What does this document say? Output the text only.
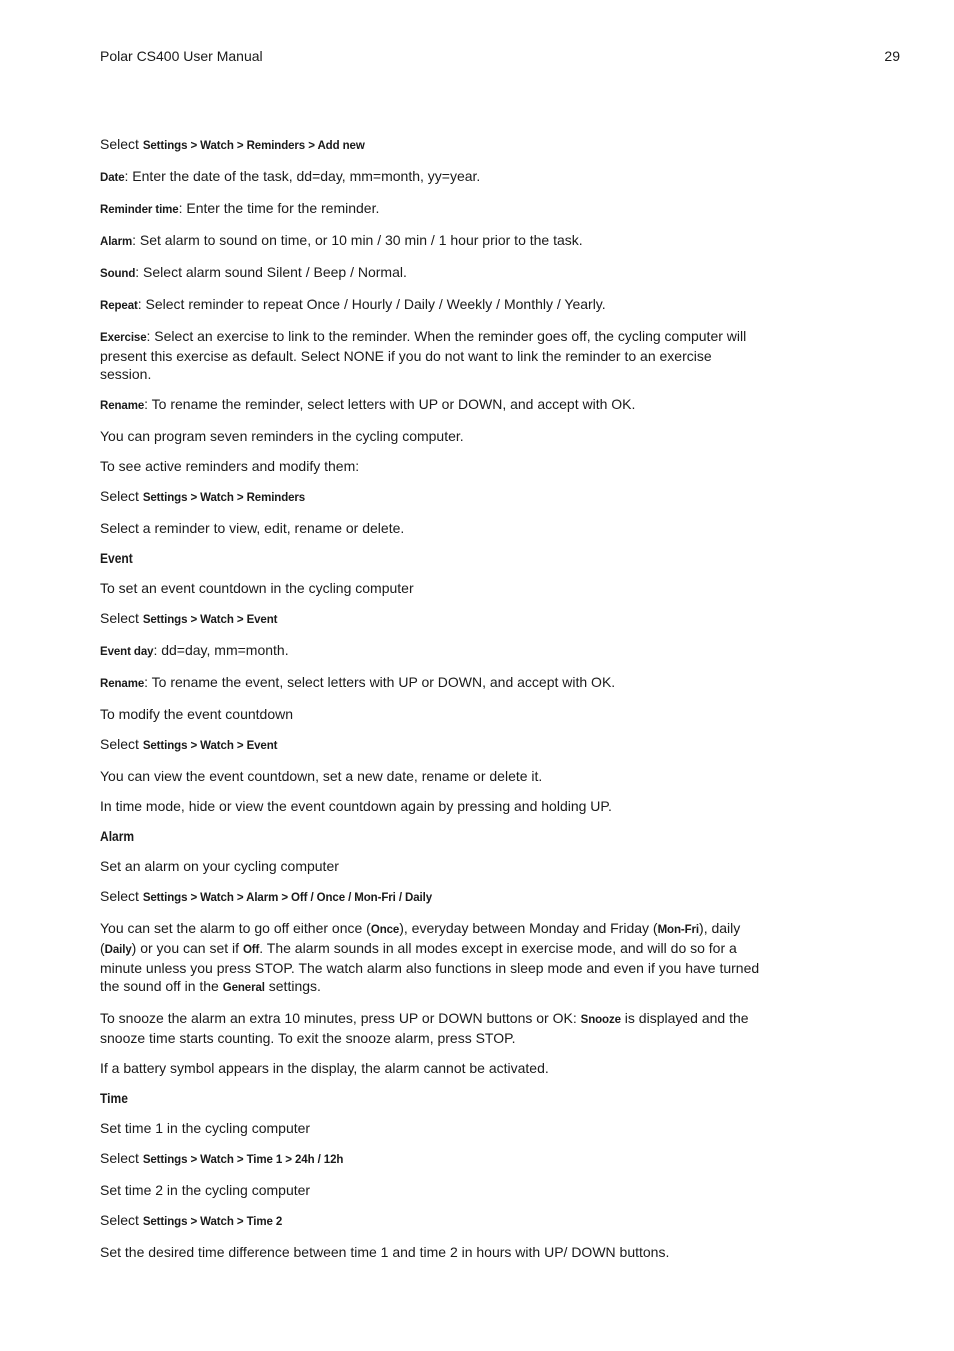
Polar CS400 User Manual	29

Select Settings > Watch > Reminders > Add new

Date: Enter the date of the task, dd=day, mm=month, yy=year.

Reminder time: Enter the time for the reminder.

Alarm: Set alarm to sound on time, or 10 min / 30 min / 1 hour prior to the task.

Sound: Select alarm sound Silent / Beep / Normal.

Repeat: Select reminder to repeat Once / Hourly / Daily / Weekly / Monthly / Yearly.

Exercise: Select an exercise to link to the reminder. When the reminder goes off, the cycling computer will present this exercise as default. Select NONE if you do not want to link the reminder to an exercise session.

Rename: To rename the reminder, select letters with UP or DOWN, and accept with OK.

You can program seven reminders in the cycling computer.

To see active reminders and modify them:

Select Settings > Watch > Reminders

Select a reminder to view, edit, rename or delete.

Event

To set an event countdown in the cycling computer

Select Settings > Watch > Event

Event day: dd=day, mm=month.

Rename: To rename the event, select letters with UP or DOWN, and accept with OK.

To modify the event countdown

Select Settings > Watch > Event

You can view the event countdown, set a new date, rename or delete it.

In time mode, hide or view the event countdown again by pressing and holding UP.

Alarm

Set an alarm on your cycling computer

Select Settings > Watch > Alarm > Off / Once / Mon-Fri / Daily

You can set the alarm to go off either once (Once), everyday between Monday and Friday (Mon-Fri), daily (Daily) or you can set if Off. The alarm sounds in all modes except in exercise mode, and will do so for a minute unless you press STOP. The watch alarm also functions in sleep mode and even if you have turned the sound off in the General settings.

To snooze the alarm an extra 10 minutes, press UP or DOWN buttons or OK: Snooze is displayed and the snooze time starts counting. To exit the snooze alarm, press STOP.

If a battery symbol appears in the display, the alarm cannot be activated.

Time

Set time 1 in the cycling computer

Select Settings > Watch > Time 1 > 24h / 12h

Set time 2 in the cycling computer

Select Settings > Watch > Time 2

Set the desired time difference between time 1 and time 2 in hours with UP/ DOWN buttons.
